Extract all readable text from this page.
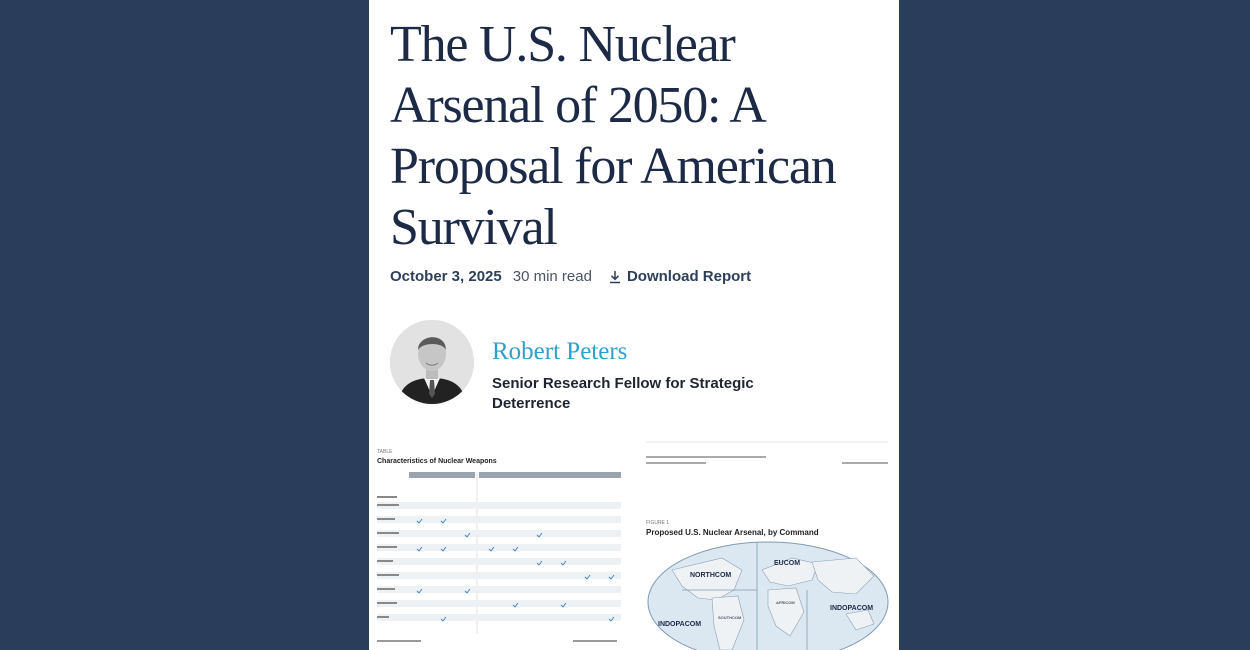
The U.S. Nuclear Arsenal of 2050: A Proposal for American Survival
October 3, 2025 30 min read Download Report
Robert Peters
Senior Research Fellow for Strategic Deterrence
TABLE
Characteristics of Nuclear Weapons
FIGURE 1
Proposed U.S. Nuclear Arsenal, by Command
NORTHCOM
EUCOM
INDOPACOM
INDOPACOM
SOUTHCOM
AFRICOM
